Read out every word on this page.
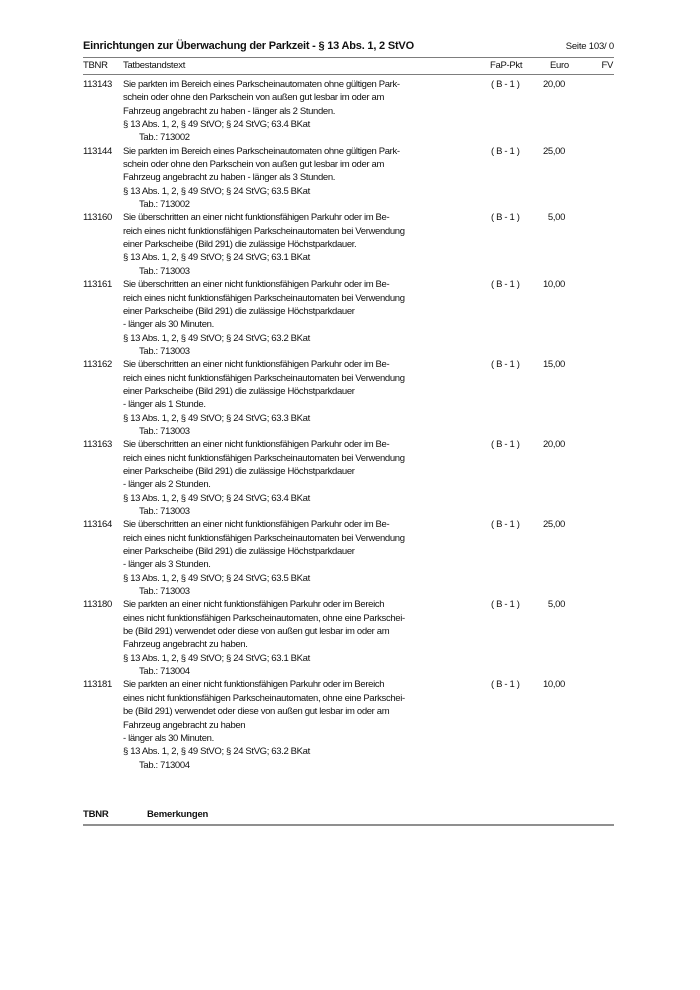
Einrichtungen zur Überwachung der Parkzeit - § 13 Abs. 1, 2 StVO	Seite 103/ 0
TBNR Tatbestandstext	FaP-Pkt	Euro	FV
113143 Sie parkten im Bereich eines Parkscheinautomaten ohne gültigen Park-
schein oder ohne den Parkschein von außen gut lesbar im oder am
Fahrzeug angebracht zu haben - länger als 2 Stunden.
§ 13 Abs. 1, 2, § 49 StVO; § 24 StVG; 63.4 BKat
Tab.: 713002
( B - 1 ) 20,00
113144 Sie parkten im Bereich eines Parkscheinautomaten ohne gültigen Park-
schein oder ohne den Parkschein von außen gut lesbar im oder am
Fahrzeug angebracht zu haben - länger als 3 Stunden.
§ 13 Abs. 1, 2, § 49 StVO; § 24 StVG; 63.5 BKat
Tab.: 713002
( B - 1 ) 25,00
113160 Sie überschritten an einer nicht funktionsfähigen Parkuhr oder im Be-
reich eines nicht funktionsfähigen Parkscheinautomaten bei Verwendung
einer Parkscheibe (Bild 291) die zulässige Höchstparkdauer.
§ 13 Abs. 1, 2, § 49 StVO; § 24 StVG; 63.1 BKat
Tab.: 713003
( B - 1 )	5,00
113161 Sie überschritten an einer nicht funktionsfähigen Parkuhr oder im Be-
reich eines nicht funktionsfähigen Parkscheinautomaten bei Verwendung
einer Parkscheibe (Bild 291) die zulässige Höchstparkdauer
- länger als 30 Minuten.
§ 13 Abs. 1, 2, § 49 StVO; § 24 StVG; 63.2 BKat
Tab.: 713003
( B - 1 ) 10,00
113162 Sie überschritten an einer nicht funktionsfähigen Parkuhr oder im Be-
reich eines nicht funktionsfähigen Parkscheinautomaten bei Verwendung
einer Parkscheibe (Bild 291) die zulässige Höchstparkdauer
- länger als 1 Stunde.
§ 13 Abs. 1, 2, § 49 StVO; § 24 StVG; 63.3 BKat
Tab.: 713003
( B - 1 ) 15,00
113163 Sie überschritten an einer nicht funktionsfähigen Parkuhr oder im Be-
reich eines nicht funktionsfähigen Parkscheinautomaten bei Verwendung
einer Parkscheibe (Bild 291) die zulässige Höchstparkdauer
- länger als 2 Stunden.
§ 13 Abs. 1, 2, § 49 StVO; § 24 StVG; 63.4 BKat
Tab.: 713003
( B - 1 ) 20,00
113164 Sie überschritten an einer nicht funktionsfähigen Parkuhr oder im Be-
reich eines nicht funktionsfähigen Parkscheinautomaten bei Verwendung
einer Parkscheibe (Bild 291) die zulässige Höchstparkdauer
- länger als 3 Stunden.
§ 13 Abs. 1, 2, § 49 StVO; § 24 StVG; 63.5 BKat
Tab.: 713003
( B - 1 ) 25,00
113180 Sie parkten an einer nicht funktionsfähigen Parkuhr oder im Bereich
eines nicht funktionsfähigen Parkscheinautomaten, ohne eine Parkschei-
be (Bild 291) verwendet oder diese von außen gut lesbar im oder am
Fahrzeug angebracht zu haben.
§ 13 Abs. 1, 2, § 49 StVO; § 24 StVG; 63.1 BKat
Tab.: 713004
( B - 1 )	5,00
113181 Sie parkten an einer nicht funktionsfähigen Parkuhr oder im Bereich
eines nicht funktionsfähigen Parkscheinautomaten, ohne eine Parkschei-
be (Bild 291) verwendet oder diese von außen gut lesbar im oder am
Fahrzeug angebracht zu haben
- länger als 30 Minuten.
§ 13 Abs. 1, 2, § 49 StVO; § 24 StVG; 63.2 BKat
Tab.: 713004
( B - 1 ) 10,00
TBNR	Bemerkungen
